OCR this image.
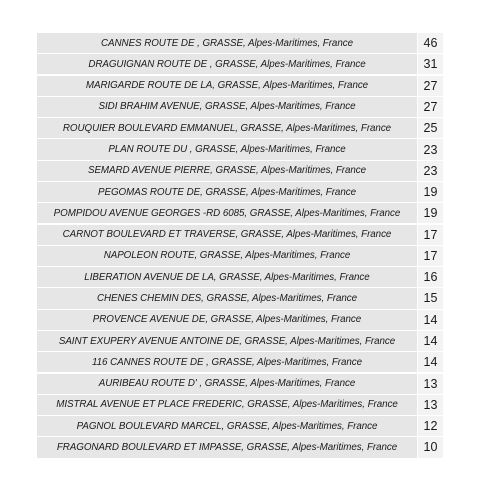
CANNES ROUTE DE , GRASSE, Alpes-Maritimes, France	46
DRAGUIGNAN ROUTE DE , GRASSE, Alpes-Maritimes, France	31
MARIGARDE ROUTE DE LA, GRASSE, Alpes-Maritimes, France	27
SIDI BRAHIM AVENUE, GRASSE, Alpes-Maritimes, France	27
ROUQUIER BOULEVARD EMMANUEL, GRASSE, Alpes-Maritimes, France	25
PLAN ROUTE DU , GRASSE, Alpes-Maritimes, France	23
SEMARD AVENUE PIERRE, GRASSE, Alpes-Maritimes, France	23
PEGOMAS ROUTE DE, GRASSE, Alpes-Maritimes, France	19
POMPIDOU AVENUE GEORGES -RD 6085, GRASSE, Alpes-Maritimes, France	19
CARNOT BOULEVARD ET TRAVERSE, GRASSE, Alpes-Maritimes, France	17
NAPOLEON ROUTE, GRASSE, Alpes-Maritimes, France	17
LIBERATION AVENUE DE LA, GRASSE, Alpes-Maritimes, France	16
CHENES CHEMIN DES, GRASSE, Alpes-Maritimes, France	15
PROVENCE AVENUE DE, GRASSE, Alpes-Maritimes, France	14
SAINT EXUPERY AVENUE ANTOINE DE, GRASSE, Alpes-Maritimes, France	14
116 CANNES ROUTE DE , GRASSE, Alpes-Maritimes, France	14
AURIBEAU ROUTE D' , GRASSE, Alpes-Maritimes, France	13
MISTRAL AVENUE ET PLACE FREDERIC, GRASSE, Alpes-Maritimes, France	13
PAGNOL BOULEVARD MARCEL, GRASSE, Alpes-Maritimes, France	12
FRAGONARD BOULEVARD ET IMPASSE, GRASSE, Alpes-Maritimes, France	10
